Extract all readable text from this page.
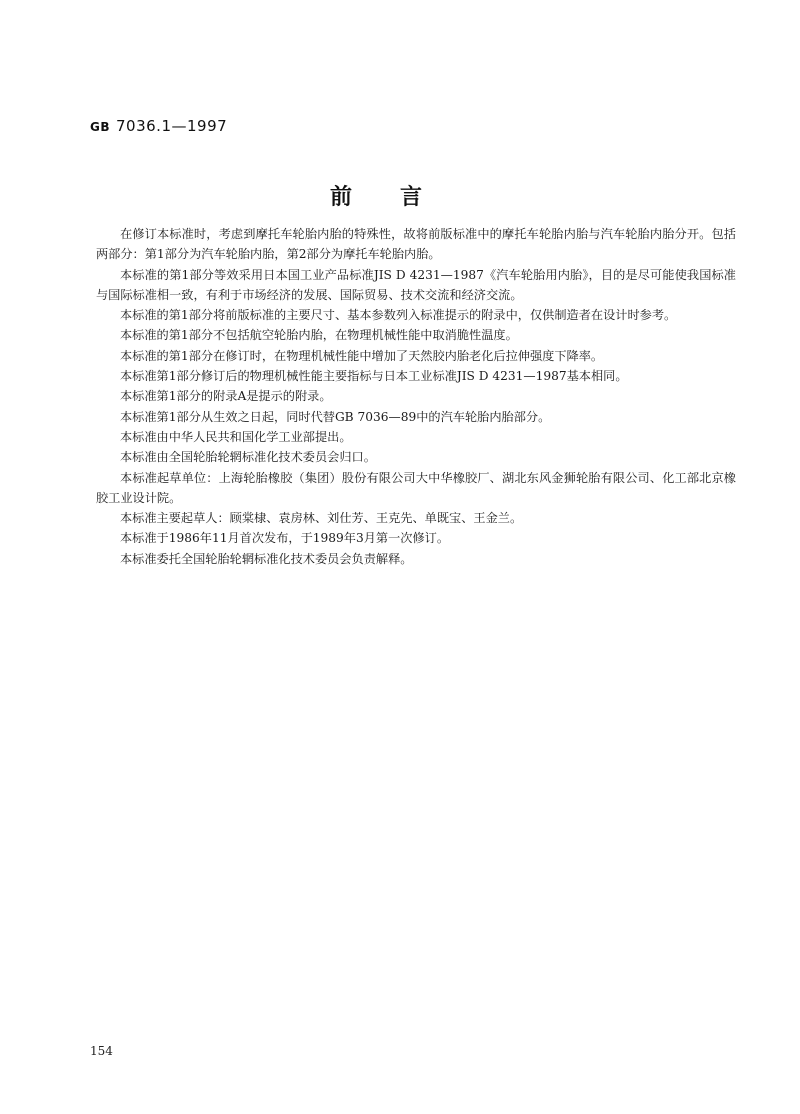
GB 7036.1—1997
前言

在修订本标准时，考虑到摩托车轮胎内胎的特殊性，故将前版标准中的摩托车轮胎内胎与汽车轮胎内胎分开。包括两部分：第1部分为汽车轮胎内胎，第2部分为摩托车轮胎内胎。

本标准的第1部分等效采用日本国工业产品标准JIS D 4231—1987《汽车轮胎用内胎》，目的是尽可能使我国标准与国际标准相一致，有利于市场经济的发展、国际贸易、技术交流和经济交流。

本标准的第1部分将前版标准的主要尺寸、基本参数列入标准提示的附录中，仅供制造者在设计时参考。

本标准的第1部分不包括航空轮胎内胎，在物理机械性能中取消脆性温度。

本标准的第1部分在修订时，在物理机械性能中增加了天然胶内胎老化后拉伸强度下降率。

本标准第1部分修订后的物理机械性能主要指标与日本工业标准JIS D 4231—1987基本相同。

本标准第1部分的附录A是提示的附录。

本标准第1部分从生效之日起，同时代替GB 7036—89中的汽车轮胎内胎部分。

本标准由中华人民共和国化学工业部提出。

本标准由全国轮胎轮辋标准化技术委员会归口。

本标准起草单位：上海轮胎橡胶（集团）股份有限公司大中华橡胶厂、湖北东风金狮轮胎有限公司、化工部北京橡胶工业设计院。

本标准主要起草人：顾棠棣、袁房林、刘仕芳、王克先、单既宝、王金兰。

本标准于1986年11月首次发布，于1989年3月第一次修订。

本标准委托全国轮胎轮辋标准化技术委员会负责解释。

154
